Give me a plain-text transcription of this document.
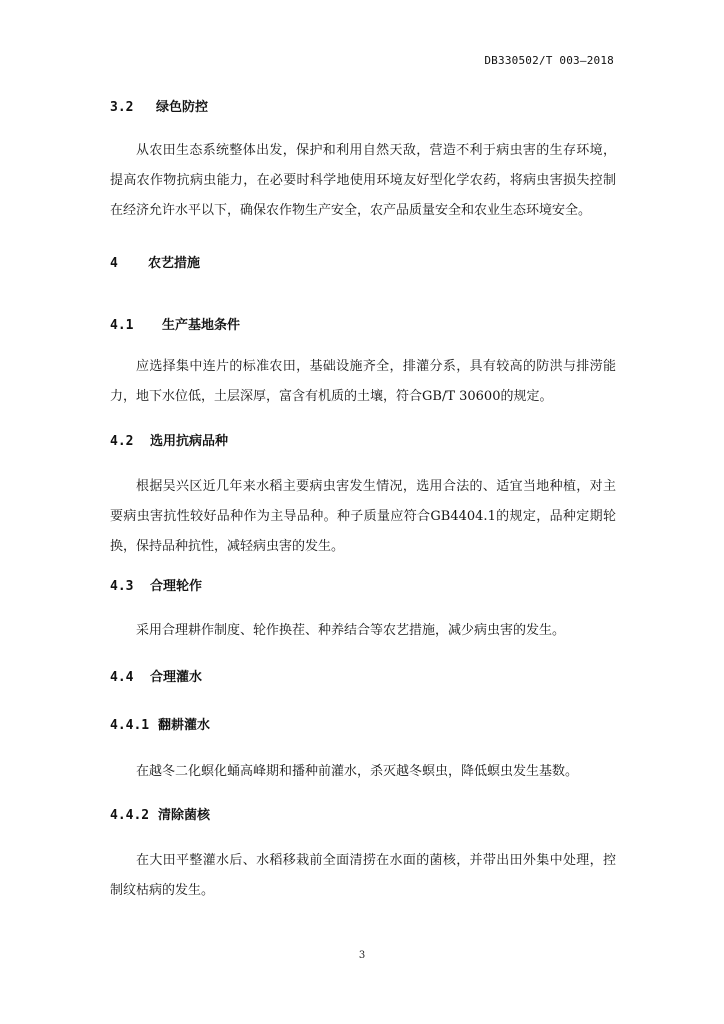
DB330502/T 003—2018
3.2 绿色防控
从农田生态系统整体出发，保护和利用自然天敌，营造不利于病虫害的生存环境，提高农作物抗病虫能力，在必要时科学地使用环境友好型化学农药，将病虫害损失控制在经济允许水平以下，确保农作物生产安全，农产品质量安全和农业生态环境安全。
4 农艺措施
4.1 生产基地条件
应选择集中连片的标准农田，基础设施齐全，排灌分系，具有较高的防洪与排涝能力，地下水位低，土层深厚，富含有机质的土壤，符合GB/T 30600的规定。
4.2 选用抗病品种
根据吴兴区近几年来水稻主要病虫害发生情况，选用合法的、适宜当地种植，对主要病虫害抗性较好品种作为主导品种。种子质量应符合GB4404.1的规定，品种定期轮换，保持品种抗性，减轻病虫害的发生。
4.3 合理轮作
采用合理耕作制度、轮作换茬、种养结合等农艺措施，减少病虫害的发生。
4.4 合理灌水
4.4.1 翻耕灌水
在越冬二化螟化蛹高峰期和播种前灌水，杀灭越冬螟虫，降低螟虫发生基数。
4.4.2 清除菌核
在大田平整灌水后、水稻移栽前全面清捞在水面的菌核，并带出田外集中处理，控制纹枯病的发生。
3
